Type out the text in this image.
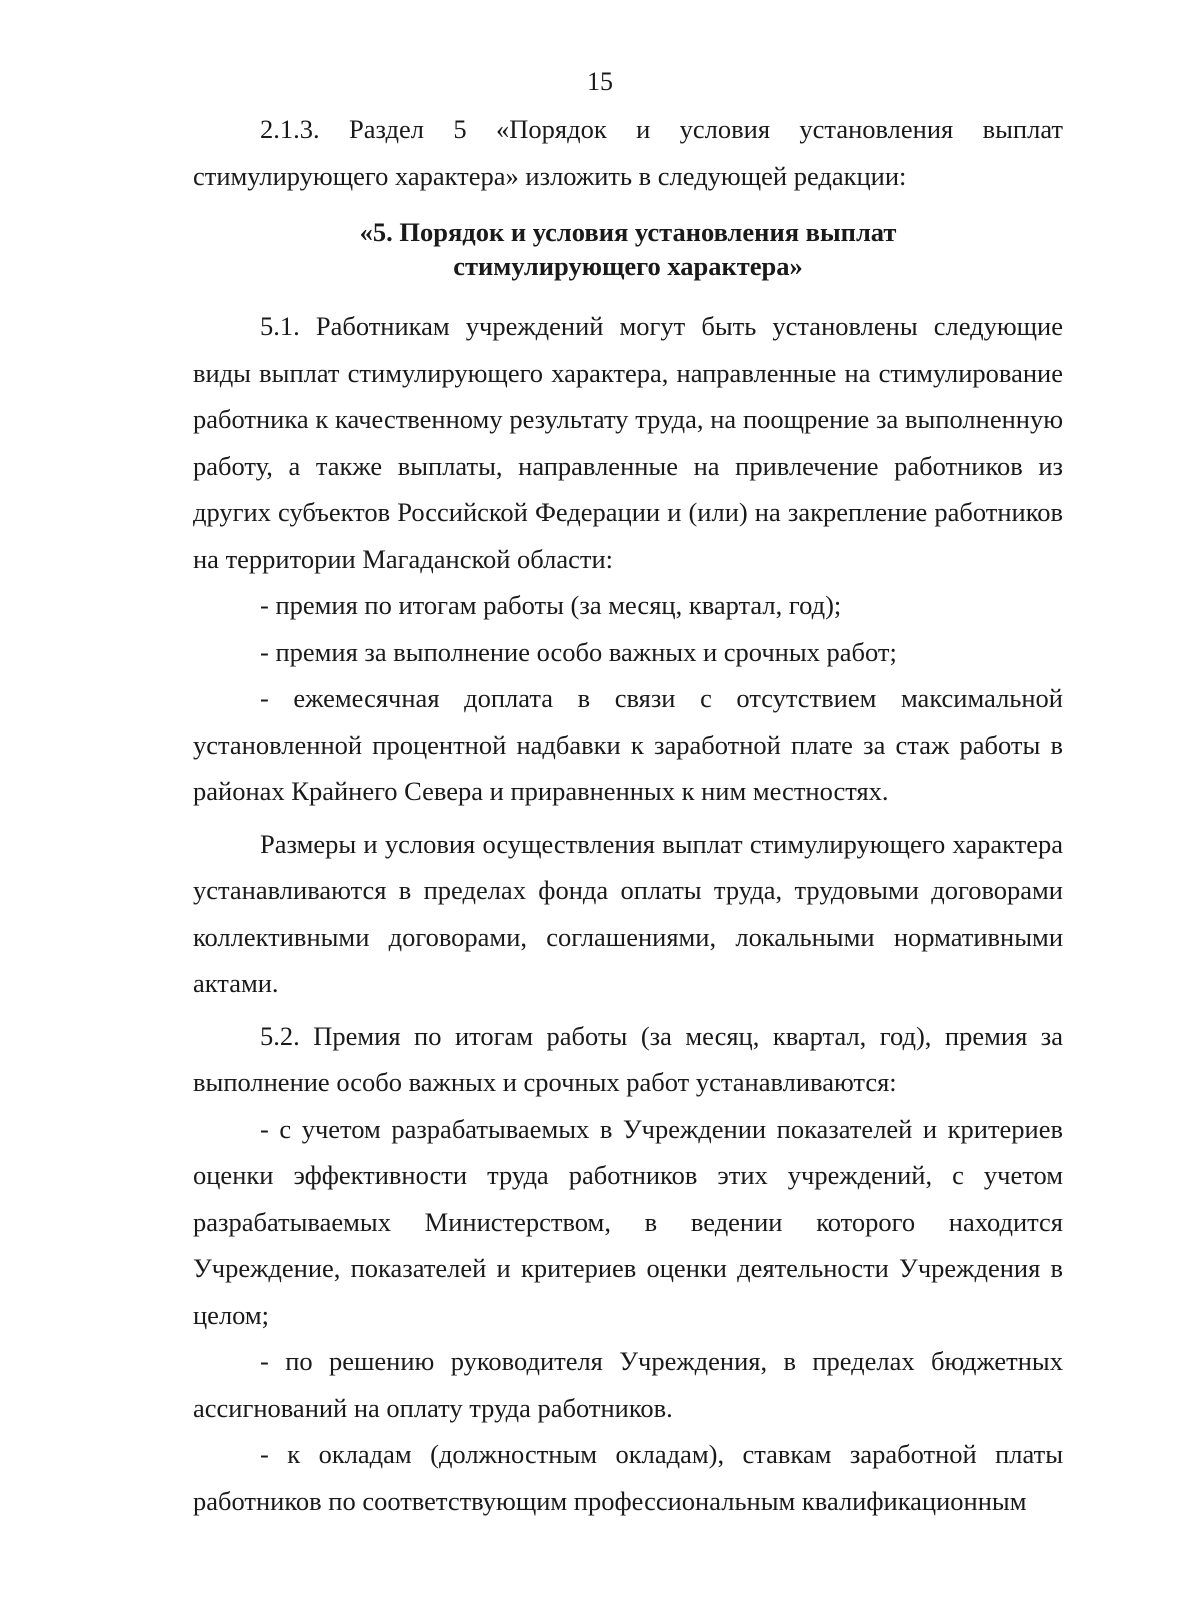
15

2.1.3. Раздел 5 «Порядок и условия установления выплат стимулирующего характера» изложить в следующей редакции:

«5. Порядок и условия установления выплат
стимулирующего характера»

5.1. Работникам учреждений могут быть установлены следующие виды выплат стимулирующего характера, направленные на стимулирование работника к качественному результату труда, на поощрение за выполненную работу, а также выплаты, направленные на привлечение работников из других субъектов Российской Федерации и (или) на закрепление работников на территории Магаданской области:

- премия по итогам работы (за месяц, квартал, год);

- премия за выполнение особо важных и срочных работ;

- ежемесячная доплата в связи с отсутствием максимальной установленной процентной надбавки к заработной плате за стаж работы в районах Крайнего Севера и приравненных к ним местностях.

Размеры и условия осуществления выплат стимулирующего характера устанавливаются в пределах фонда оплаты труда, трудовыми договорами коллективными договорами, соглашениями, локальными нормативными актами.

5.2. Премия по итогам работы (за месяц, квартал, год), премия за выполнение особо важных и срочных работ устанавливаются:

- с учетом разрабатываемых в Учреждении показателей и критериев оценки эффективности труда работников этих учреждений, с учетом разрабатываемых Министерством, в ведении которого находится Учреждение, показателей и критериев оценки деятельности Учреждения в целом;

- по решению руководителя Учреждения, в пределах бюджетных ассигнований на оплату труда работников.

- к окладам (должностным окладам), ставкам заработной платы работников по соответствующим профессиональным квалификационным
